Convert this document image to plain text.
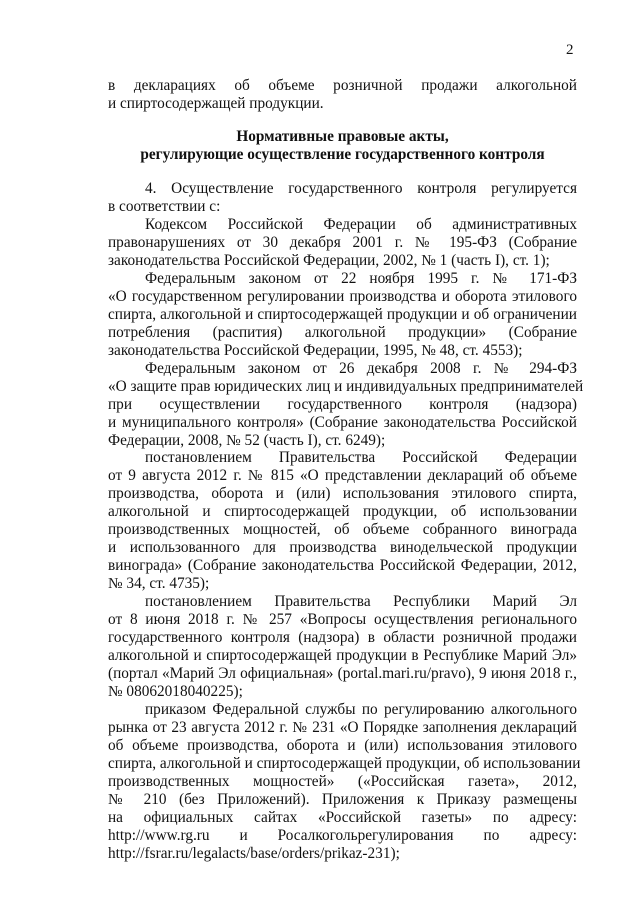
2
в декларациях об объеме розничной продажи алкогольной
и спиртосодержащей продукции.
Нормативные правовые акты,
регулирующие осуществление государственного контроля
4. Осуществление государственного контроля регулируется
в соответствии с:
Кодексом Российской Федерации об административных
правонарушениях от 30 декабря 2001 г. № 195-ФЗ (Собрание
законодательства Российской Федерации, 2002, № 1 (часть I), ст. 1);
Федеральным законом от 22 ноября 1995 г. № 171-ФЗ
«О государственном регулировании производства и оборота этилового
спирта, алкогольной и спиртосодержащей продукции и об ограничении
потребления (распития) алкогольной продукции» (Собрание
законодательства Российской Федерации, 1995, № 48, ст. 4553);
Федеральным законом от 26 декабря 2008 г. № 294-ФЗ
«О защите прав юридических лиц и индивидуальных предпринимателей
при осуществлении государственного контроля (надзора)
и муниципального контроля» (Собрание законодательства Российской
Федерации, 2008, № 52 (часть I), ст. 6249);
постановлением Правительства Российской Федерации
от 9 августа 2012 г. № 815 «О представлении деклараций об объеме
производства, оборота и (или) использования этилового спирта,
алкогольной и спиртосодержащей продукции, об использовании
производственных мощностей, об объеме собранного винограда
и использованного для производства винодельческой продукции
винограда» (Собрание законодательства Российской Федерации, 2012,
№ 34, ст. 4735);
постановлением Правительства Республики Марий Эл
от 8 июня 2018 г. № 257 «Вопросы осуществления регионального
государственного контроля (надзора) в области розничной продажи
алкогольной и спиртосодержащей продукции в Республике Марий Эл»
(портал «Марий Эл официальная» (portal.mari.ru/pravo), 9 июня 2018 г.,
№ 08062018040225);
приказом Федеральной службы по регулированию алкогольного
рынка от 23 августа 2012 г. № 231 «О Порядке заполнения деклараций
об объеме производства, оборота и (или) использования этилового
спирта, алкогольной и спиртосодержащей продукции, об использовании
производственных мощностей» («Российская газета», 2012,
№ 210 (без Приложений). Приложения к Приказу размещены
на официальных сайтах «Российской газеты» по адресу:
http://www.rg.ru и Росалкогольрегулирования по адресу:
http://fsrar.ru/legalacts/base/orders/prikaz-231);
